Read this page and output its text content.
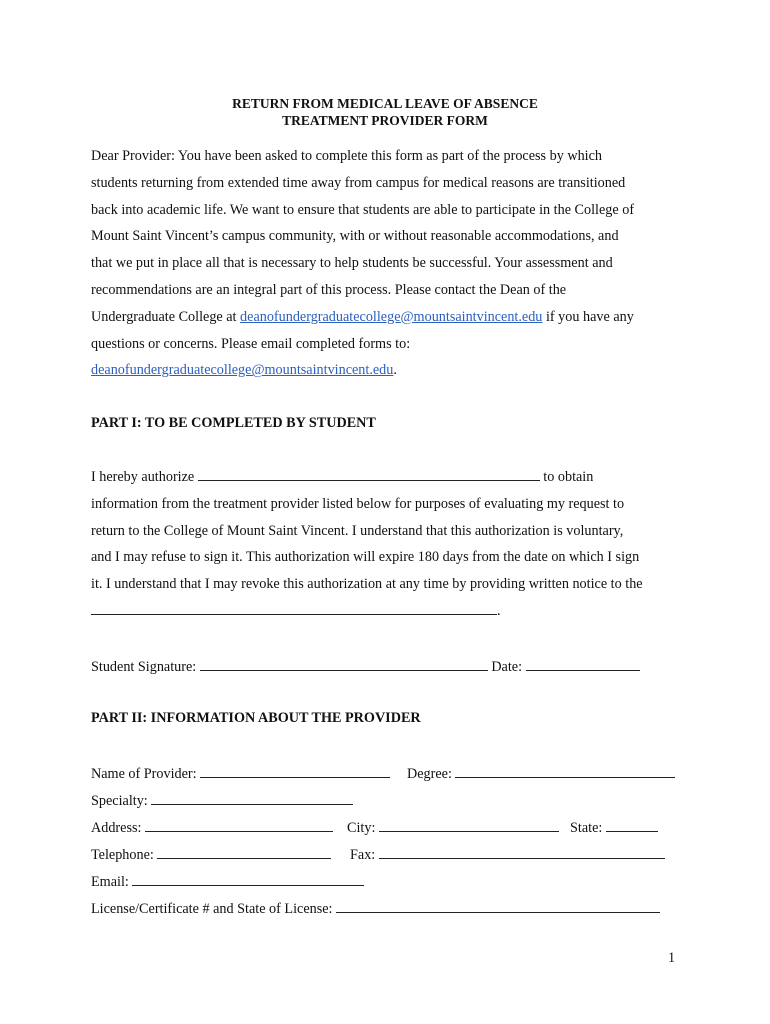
RETURN FROM MEDICAL LEAVE OF ABSENCE
TREATMENT PROVIDER FORM

Dear Provider: You have been asked to complete this form as part of the process by which
students returning from extended time away from campus for medical reasons are transitioned
back into academic life. We want to ensure that students are able to participate in the College of
Mount Saint Vincent’s campus community, with or without reasonable accommodations, and
that we put in place all that is necessary to help students be successful. Your assessment and
recommendations are an integral part of this process. Please contact the Dean of the
Undergraduate College at deanofundergraduatecollege@mountsaintvincent.edu if you have any
questions or concerns. Please email completed forms to:
deanofundergraduatecollege@mountsaintvincent.edu.

PART I: TO BE COMPLETED BY STUDENT

I hereby authorize	to obtain
information from the treatment provider listed below for purposes of evaluating my request to
return to the College of Mount Saint Vincent. I understand that this authorization is voluntary,
and I may refuse to sign it. This authorization will expire 180 days from the date on which I sign
it. I understand that I may revoke this authorization at any time by providing written notice to the
.

Student Signature:	Date:
PART II: INFORMATION ABOUT THE PROVIDER
Name of Provider:	Degree:
Specialty:
Address:	City:	State:
Telephone:	Fax:
Email:
License/Certificate # and State of License:
1
